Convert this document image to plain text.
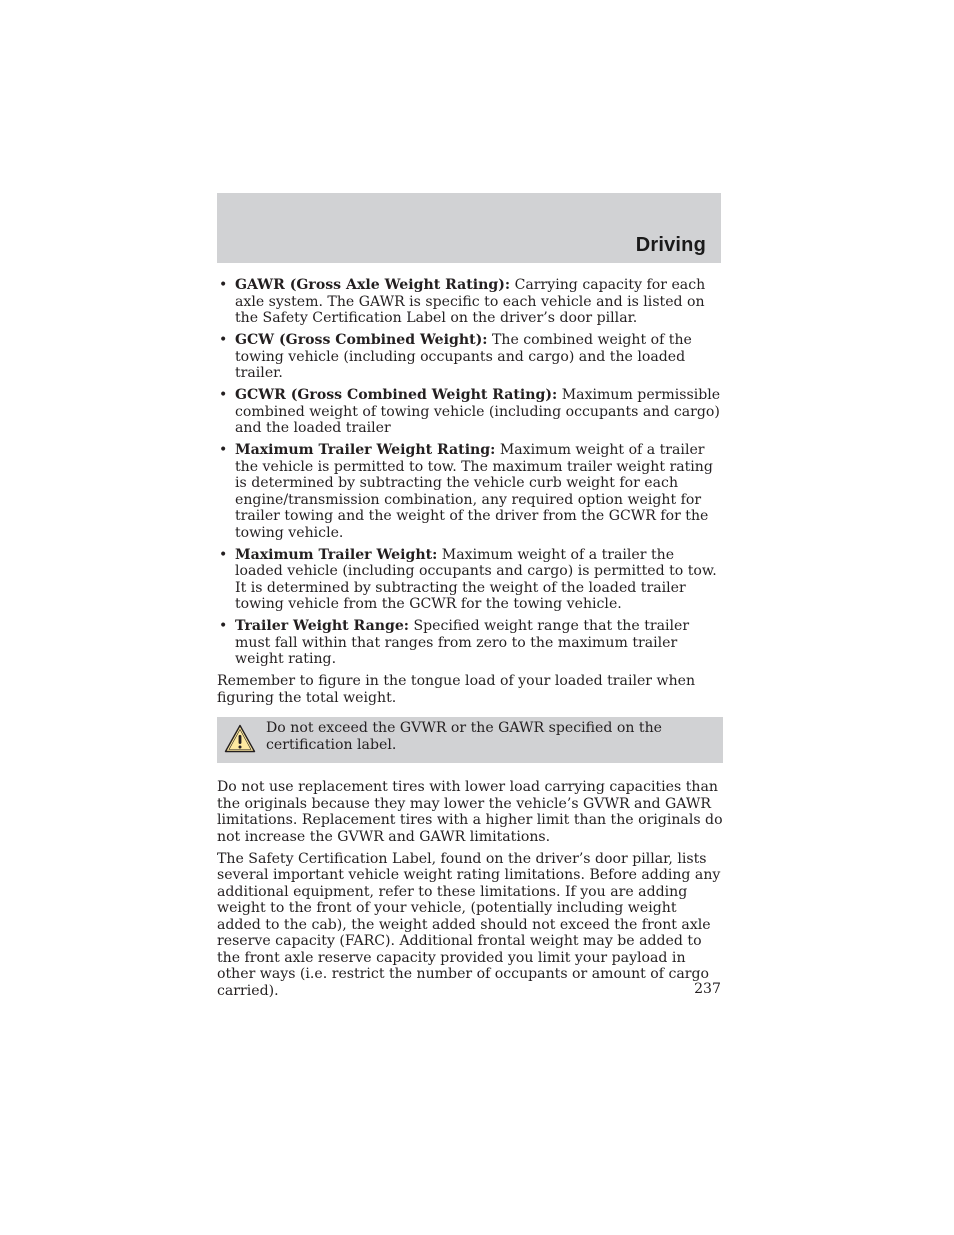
Driving
• GAWR (Gross Axle Weight Rating): Carrying capacity for each axle system. The GAWR is specific to each vehicle and is listed on the Safety Certification Label on the driver’s door pillar.
• GCW (Gross Combined Weight): The combined weight of the towing vehicle (including occupants and cargo) and the loaded trailer.
• GCWR (Gross Combined Weight Rating): Maximum permissible combined weight of towing vehicle (including occupants and cargo) and the loaded trailer
• Maximum Trailer Weight Rating: Maximum weight of a trailer the vehicle is permitted to tow. The maximum trailer weight rating is determined by subtracting the vehicle curb weight for each engine/transmission combination, any required option weight for trailer towing and the weight of the driver from the GCWR for the towing vehicle.
• Maximum Trailer Weight: Maximum weight of a trailer the loaded vehicle (including occupants and cargo) is permitted to tow. It is determined by subtracting the weight of the loaded trailer towing vehicle from the GCWR for the towing vehicle.
• Trailer Weight Range: Specified weight range that the trailer must fall within that ranges from zero to the maximum trailer weight rating.

Remember to figure in the tongue load of your loaded trailer when figuring the total weight.

Do not exceed the GVWR or the GAWR specified on the certification label.

Do not use replacement tires with lower load carrying capacities than the originals because they may lower the vehicle’s GVWR and GAWR limitations. Replacement tires with a higher limit than the originals do not increase the GVWR and GAWR limitations.

The Safety Certification Label, found on the driver’s door pillar, lists several important vehicle weight rating limitations. Before adding any additional equipment, refer to these limitations. If you are adding weight to the front of your vehicle, (potentially including weight added to the cab), the weight added should not exceed the front axle reserve capacity (FARC). Additional frontal weight may be added to the front axle reserve capacity provided you limit your payload in other ways (i.e. restrict the number of occupants or amount of cargo carried).	237
